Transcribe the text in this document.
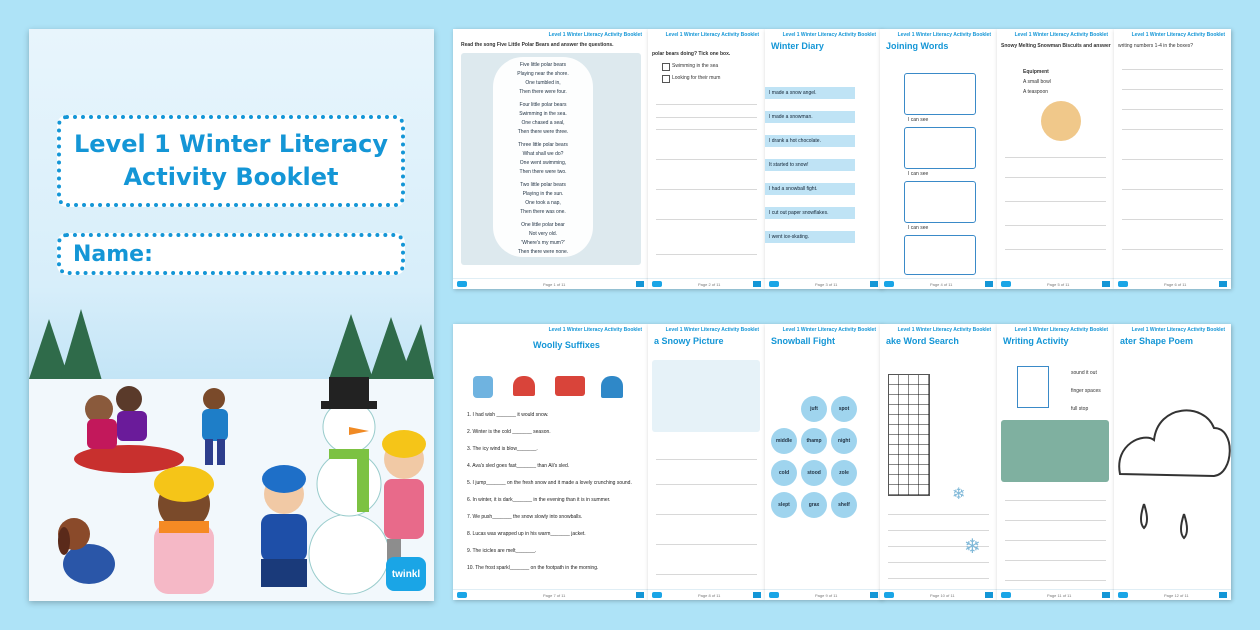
Level 1 Winter Literacy
Activity Booklet
Name:
twinkl
Level 1 Winter Literacy Activity Booklet
Read the song Five Little Polar Bears and answer the questions.
Five little polar bears
Playing near the shore.
One tumbled in,
Then there were four.
Four little polar bears
Swimming in the sea.
One chased a seal,
Then there were three.
Three little polar bears
What shall we do?
One went swimming,
Then there were two.
Two little polar bears
Playing in the sun.
One took a nap,
Then there was one.
One little polar bear
Not very old.
'Where's my mum?'
Then there were none.
Page 1 of 11
Level 1 Winter Literacy Activity Booklet
polar bears doing? Tick one box.
Swimming in the sea
Looking for their mum
Page 2 of 11
Level 1 Winter Literacy Activity Booklet
Winter Diary
I made a snow angel.
I made a snowman.
I drank a hot chocolate.
It started to snow!
I had a snowball fight.
I cut out paper snowflakes.
I went ice-skating.
Page 3 of 11
Level 1 Winter Literacy Activity Booklet
Joining Words
I can see
I can see
I can see
Page 4 of 11
Level 1 Winter Literacy Activity Booklet
Snowy Melting Snowman Biscuits and answer
Equipment
A small bowl
A teaspoon
Page 5 of 11
Level 1 Winter Literacy Activity Booklet
writing numbers 1-4 in the boxes?
Page 6 of 11
Level 1 Winter Literacy Activity Booklet
Woolly Suffixes
1. I had wish _______ it would snow.
2. Winter is the cold _______ season.
3. The icy wind is blow_______.
4. Ava's sled goes fast_______ than Ali's sled.
5. I jump_______ on the fresh snow and it made a lovely crunching sound.
6. In winter, it is dark_______ in the evening than it is in summer.
7. We push_______ the snow slowly into snowballs.
8. Lucas was wrapped up in his warm_______ jacket.
9. The icicles are melt_______.
10. The frost sparkl_______ on the footpath in the morning.
Page 7 of 11
Level 1 Winter Literacy Activity Booklet
a Snowy Picture
Page 8 of 11
Level 1 Winter Literacy Activity Booklet
Snowball Fight
juft	spot
middle	thamp	night
cold	stood	zole
slept	grax	shelf
Page 9 of 11
Level 1 Winter Literacy Activity Booklet
ake Word Search
❄
❄
Page 10 of 11
Level 1 Winter Literacy Activity Booklet
Writing Activity
sound it out
finger spaces
full stop
Page 11 of 11
Level 1 Winter Literacy Activity Booklet
ater Shape Poem
Page 12 of 11
